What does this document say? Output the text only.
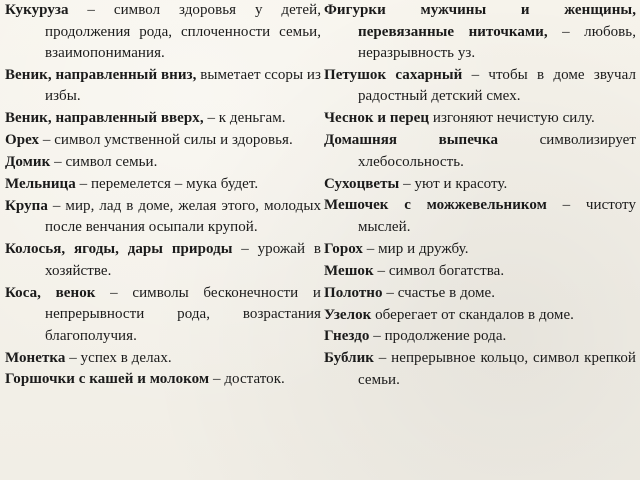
Кукуруза – символ здоровья у детей, продолжения рода, сплоченности семьи, взаимопонимания.

Веник, направленный вниз, выметает ссоры из избы.

Веник, направленный вверх, – к деньгам.

Орех – символ умственной силы и здоровья.

Домик – символ семьи.

Мельница – перемелется – мука будет.

Крупа – мир, лад в доме, желая этого, молодых после венчания осыпали крупой.

Колосья, ягоды, дары природы – урожай в хозяйстве.

Коса, венок – символы бесконечности и непрерывности рода, возрастания благополучия.

Монетка – успех в делах.

Горшочки с кашей и молоком – достаток.

Фигурки мужчины и женщины, перевязанные ниточками, – любовь, неразрывность уз.

Петушок сахарный – чтобы в доме звучал радостный детский смех.

Чеснок и перец изгоняют нечистую силу.

Домашняя выпечка символизирует хлебосольность.

Сухоцветы – уют и красоту.

Мешочек с можжевельником – чистоту мыслей.

Горох – мир и дружбу.

Мешок – символ богатства.

Полотно – счастье в доме.

Узелок оберегает от скандалов в доме.

Гнездо – продолжение рода.

Бублик – непрерывное кольцо, символ крепкой семьи.
